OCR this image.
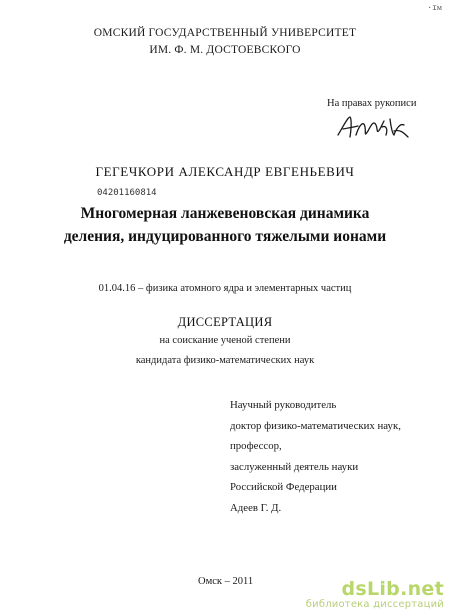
·ɪᴍ

ОМСКИЙ ГОСУДАРСТВЕННЫЙ УНИВЕРСИТЕТ

ИМ. Ф. М. ДОСТОЕВСКОГО

На правах рукописи

ГЕГЕЧКОРИ АЛЕКСАНДР ЕВГЕНЬЕВИЧ

04201160814
Многомерная ланжевеновская динамика
деления, индуцированного тяжелыми ионами

01.04.16 – физика атомного ядра и элементарных частиц

ДИССЕРТАЦИЯ

на соискание ученой степени

кандидата физико-математических наук

Научный руководитель

доктор физико-математических наук,

профессор,

заслуженный деятель науки

Российской Федерации

Адеев Г. Д.

Омск – 2011	dsLib.net
библиотека диссертаций
